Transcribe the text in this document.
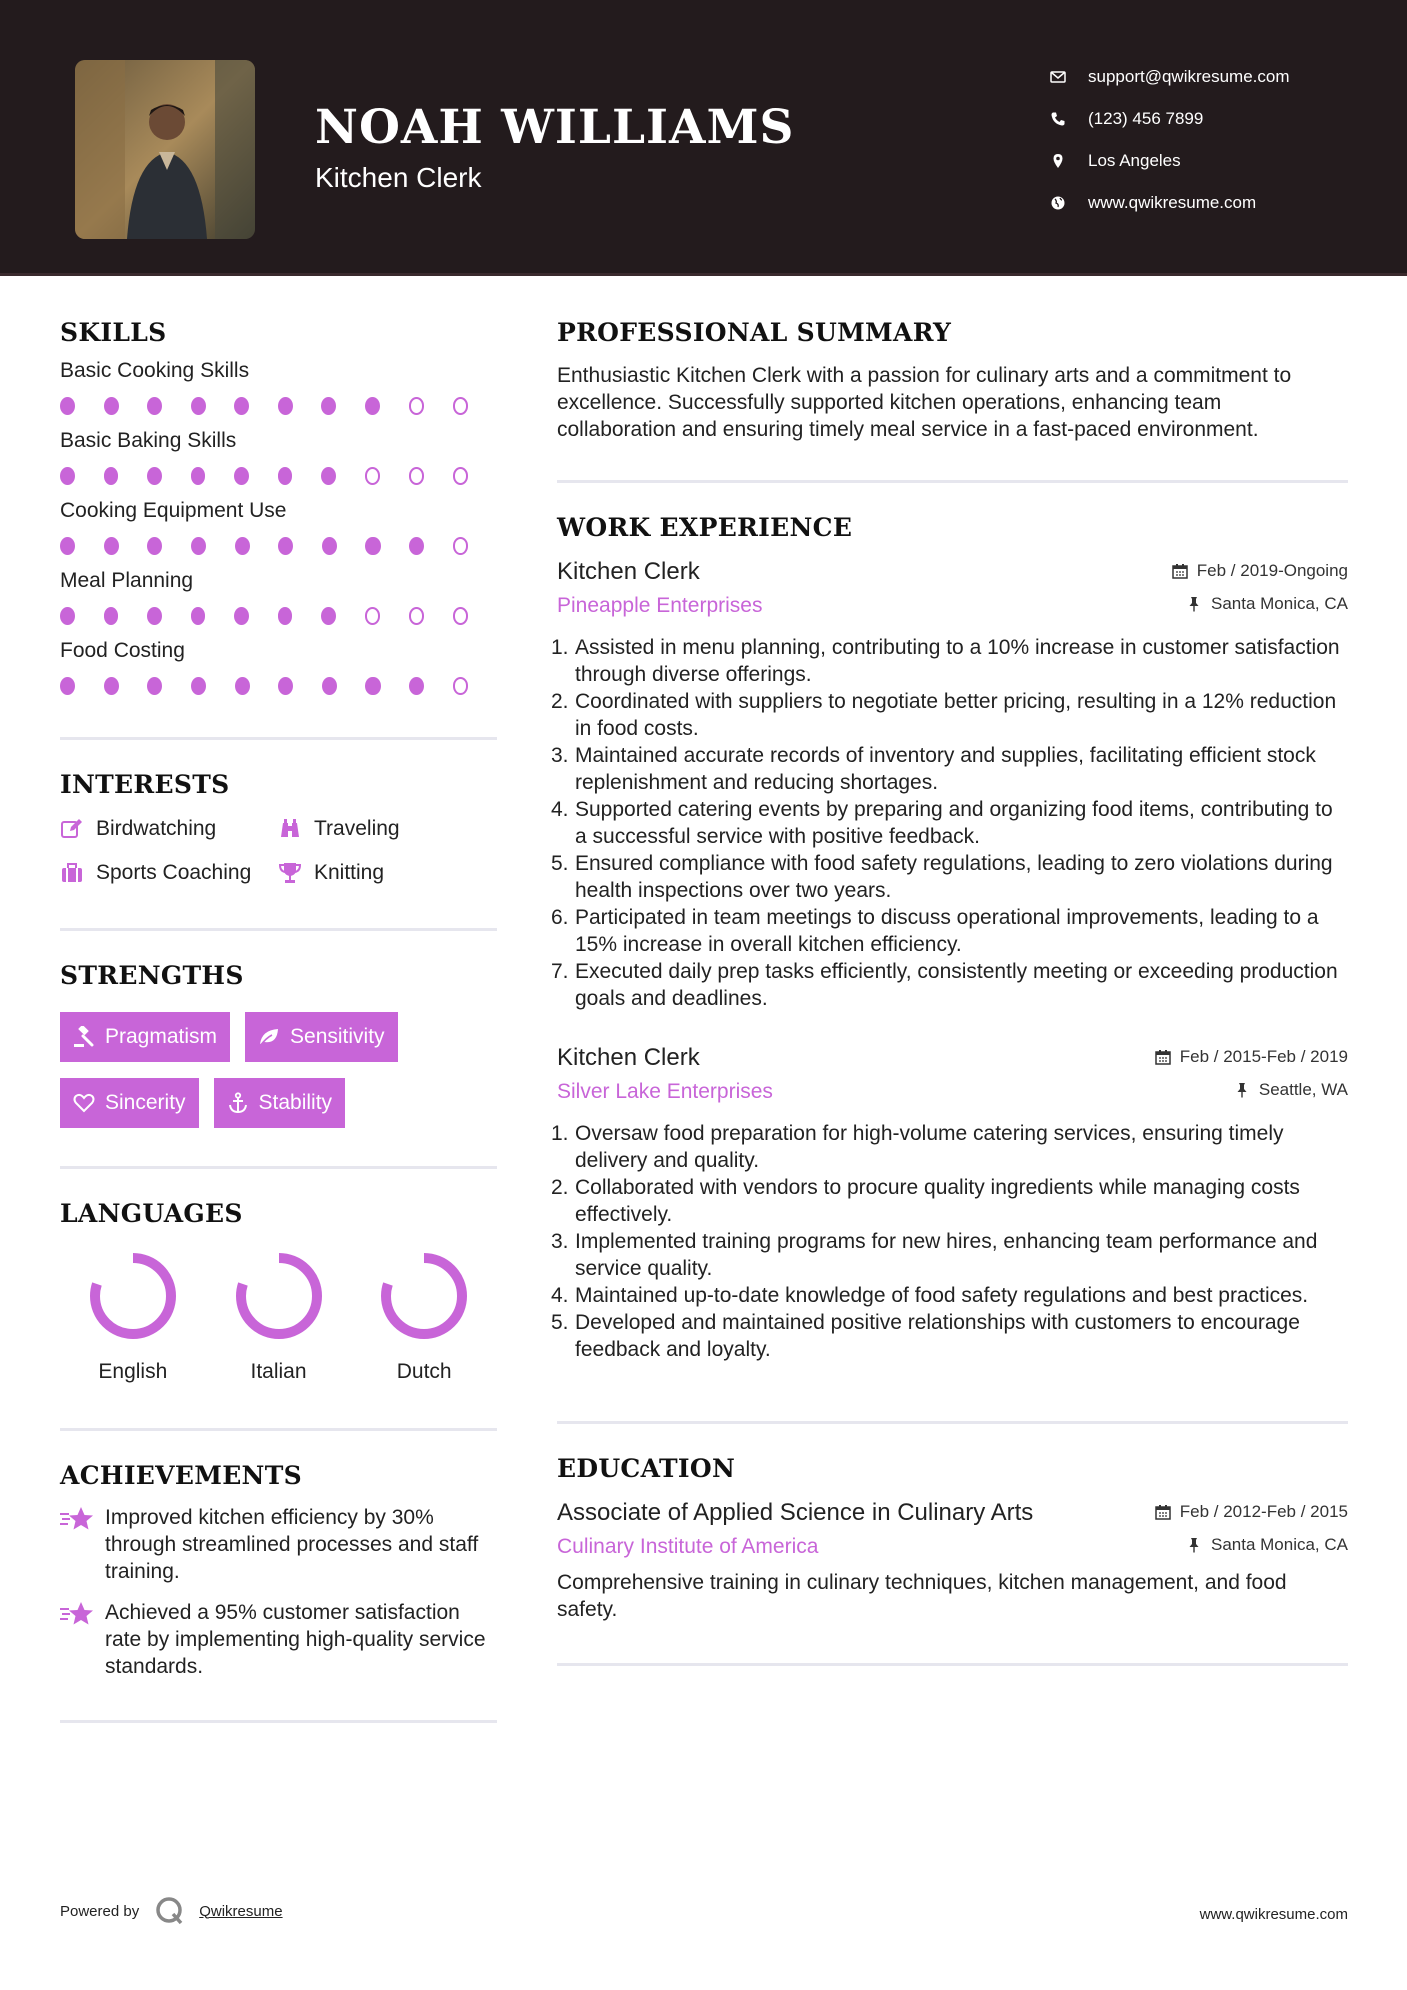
NOAH WILLIAMS
Kitchen Clerk
support@qwikresume.com
(123) 456 7899
Los Angeles
www.qwikresume.com
SKILLS
Basic Cooking Skills
Basic Baking Skills
Cooking Equipment Use
Meal Planning
Food Costing
INTERESTS
Birdwatching	Traveling
Sports Coaching	Knitting
STRENGTHS
Pragmatism	Sensitivity
Sincerity	Stability
LANGUAGES
English	Italian	Dutch
ACHIEVEMENTS
Improved kitchen efficiency by 30% through streamlined processes and staff training.
Achieved a 95% customer satisfaction rate by implementing high-quality service standards.
PROFESSIONAL SUMMARY

Enthusiastic Kitchen Clerk with a passion for culinary arts and a commitment to excellence. Successfully supported kitchen operations, enhancing team collaboration and ensuring timely meal service in a fast-paced environment.

WORK EXPERIENCE
Kitchen Clerk	Feb / 2019-Ongoing
Pineapple Enterprises	Santa Monica, CA
1. Assisted in menu planning, contributing to a 10% increase in customer satisfaction through diverse offerings.
2. Coordinated with suppliers to negotiate better pricing, resulting in a 12% reduction in food costs.
3. Maintained accurate records of inventory and supplies, facilitating efficient stock replenishment and reducing shortages.
4. Supported catering events by preparing and organizing food items, contributing to a successful service with positive feedback.
5. Ensured compliance with food safety regulations, leading to zero violations during health inspections over two years.
6. Participated in team meetings to discuss operational improvements, leading to a 15% increase in overall kitchen efficiency.
7. Executed daily prep tasks efficiently, consistently meeting or exceeding production goals and deadlines.
Kitchen Clerk	Feb / 2015-Feb / 2019
Silver Lake Enterprises	Seattle, WA
1. Oversaw food preparation for high-volume catering services, ensuring timely delivery and quality.
2. Collaborated with vendors to procure quality ingredients while managing costs effectively.
3. Implemented training programs for new hires, enhancing team performance and service quality.
4. Maintained up-to-date knowledge of food safety regulations and best practices.
5. Developed and maintained positive relationships with customers to encourage feedback and loyalty.
EDUCATION
Associate of Applied Science in Culinary Arts	Feb / 2012-Feb / 2015
Culinary Institute of America	Santa Monica, CA

Comprehensive training in culinary techniques, kitchen management, and food safety.

Powered by	Qwikresume	www.qwikresume.com
